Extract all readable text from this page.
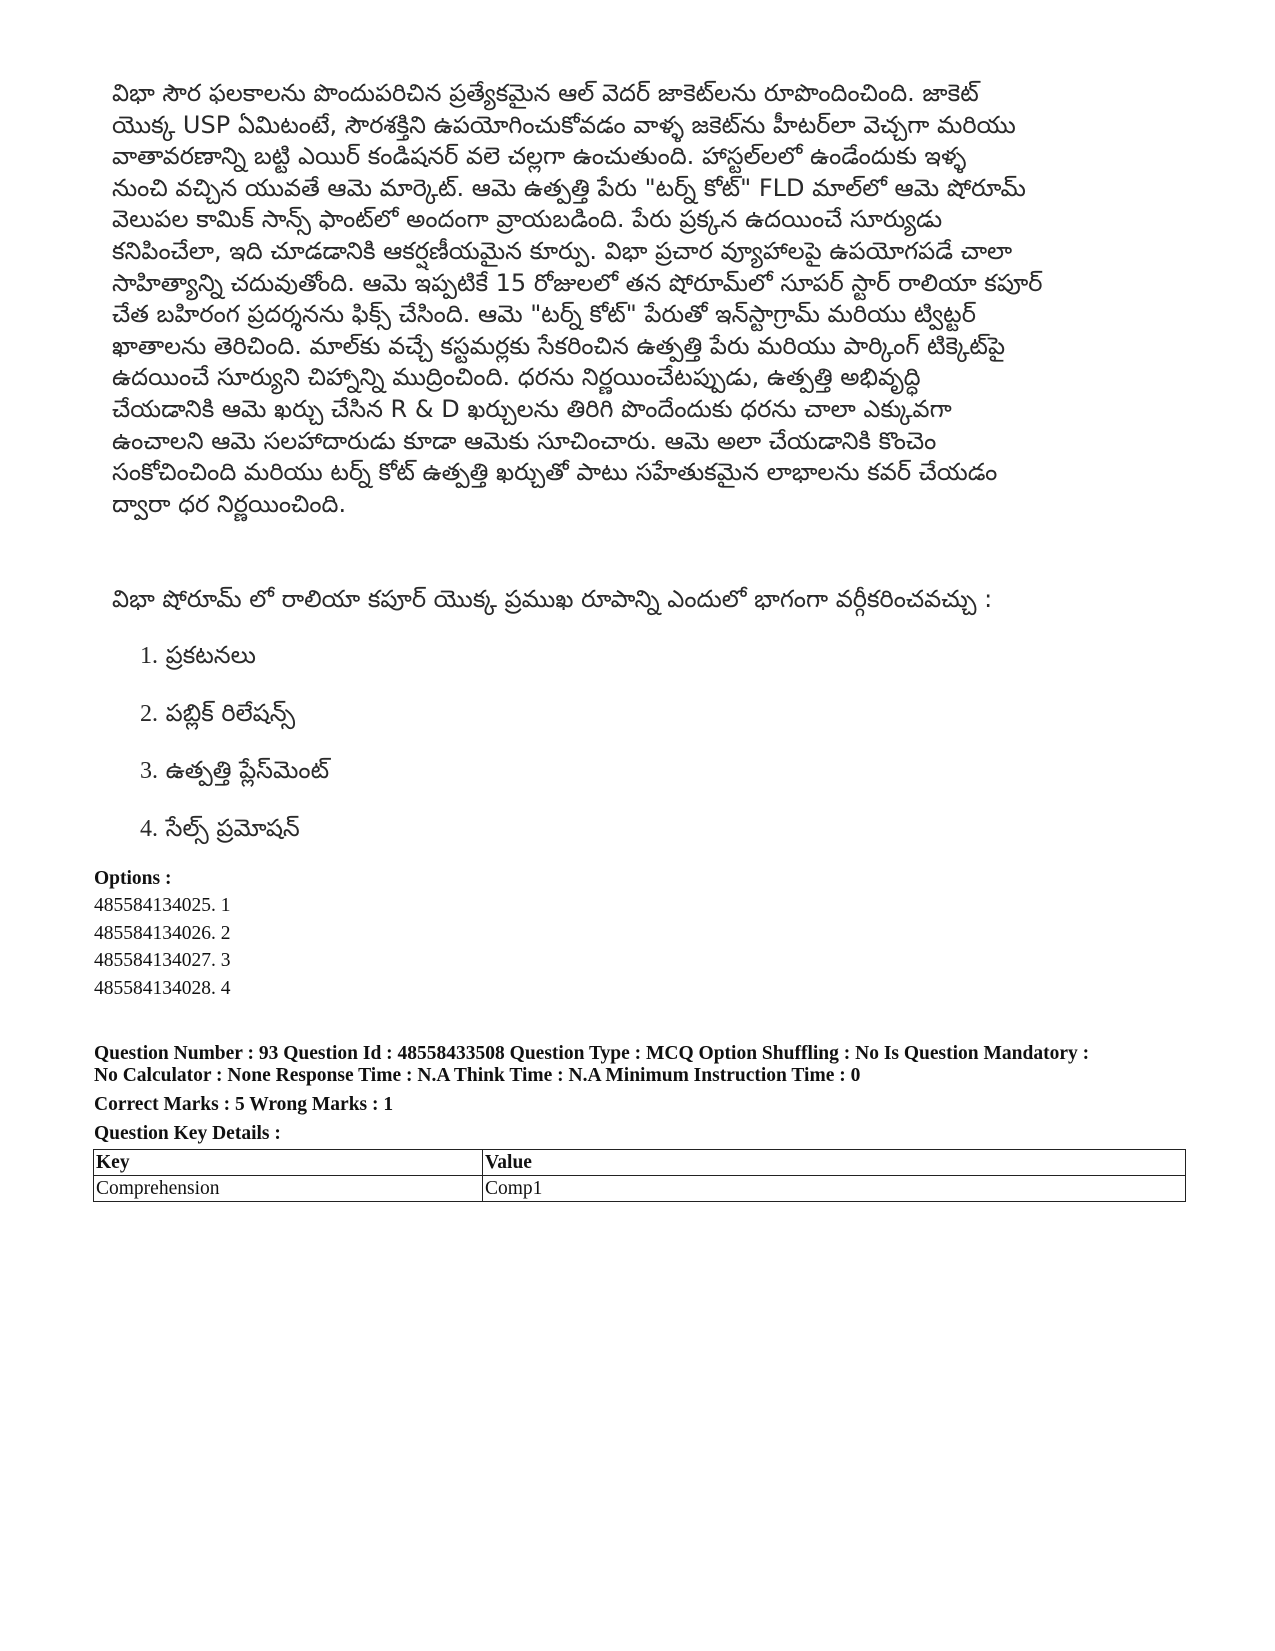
విభా సౌర ఫలకాలను పొందుపరిచిన ప్రత్యేకమైన ఆల్ వెదర్ జాకెట్‌లను రూపొందించింది. జాకెట్
యొక్క USP ఏమిటంటే, సౌరశక్తిని ఉపయోగించుకోవడం వాళ్ళ జకెట్‌ను హీటర్‌లా వెచ్చగా మరియు
వాతావరణాన్ని బట్టి ఎయిర్ కండిషనర్ వలె చల్లగా ఉంచుతుంది. హాస్టల్‌లలో ఉండేందుకు ఇళ్ళ
నుంచి వచ్చిన యువతే ఆమె మార్కెట్. ఆమె ఉత్పత్తి పేరు "టర్న్ కోట్" FLD మాల్‌లో ఆమె షోరూమ్
వెలుపల కామిక్ సాన్స్ ఫాంట్‌లో అందంగా వ్రాయబడింది. పేరు ప్రక్కన ఉదయించే సూర్యుడు
కనిపించేలా, ఇది చూడడానికి ఆకర్షణీయమైన కూర్పు. విభా ప్రచార వ్యూహాలపై ఉపయోగపడే చాలా
సాహిత్యాన్ని చదువుతోంది. ఆమె ఇప్పటికే 15 రోజులలో తన షోరూమ్‌లో సూపర్ స్టార్ రాలియా కపూర్
చేత బహిరంగ ప్రదర్శనను ఫిక్స్ చేసింది. ఆమె "టర్న్ కోట్" పేరుతో ఇన్‌స్టాగ్రామ్ మరియు ట్విట్టర్
ఖాతాలను తెరిచింది. మాల్‌కు వచ్చే కస్టమర్లకు సేకరించిన ఉత్పత్తి పేరు మరియు పార్కింగ్ టిక్కెట్‌పై
ఉదయించే సూర్యుని చిహ్నాన్ని ముద్రించింది. ధరను నిర్ణయించేటప్పుడు, ఉత్పత్తి అభివృద్ధి
చేయడానికి ఆమె ఖర్చు చేసిన R & D ఖర్చులను తిరిగి పొందేందుకు ధరను చాలా ఎక్కువగా
ఉంచాలని ఆమె సలహాదారుడు కూడా ఆమెకు సూచించారు. ఆమె అలా చేయడానికి కొంచెం
సంకోచించింది మరియు టర్న్ కోట్ ఉత్పత్తి ఖర్చుతో పాటు సహేతుకమైన లాభాలను కవర్ చేయడం
ద్వారా ధర నిర్ణయించింది.
విభా షోరూమ్ లో రాలియా కపూర్ యొక్క ప్రముఖ రూపాన్ని ఎందులో భాగంగా వర్గీకరించవచ్చు :
1. ప్రకటనలు
2. పబ్లిక్ రిలేషన్స్
3. ఉత్పత్తి ప్లేస్‌మెంట్
4. సేల్స్ ప్రమోషన్
Options :
485584134025. 1
485584134026. 2
485584134027. 3
485584134028. 4
Question Number : 93 Question Id : 48558433508 Question Type : MCQ Option Shuffling : No Is Question Mandatory :
No Calculator : None Response Time : N.A Think Time : N.A Minimum Instruction Time : 0
Correct Marks : 5 Wrong Marks : 1
Question Key Details :
Key	Value
Comprehension	Comp1
